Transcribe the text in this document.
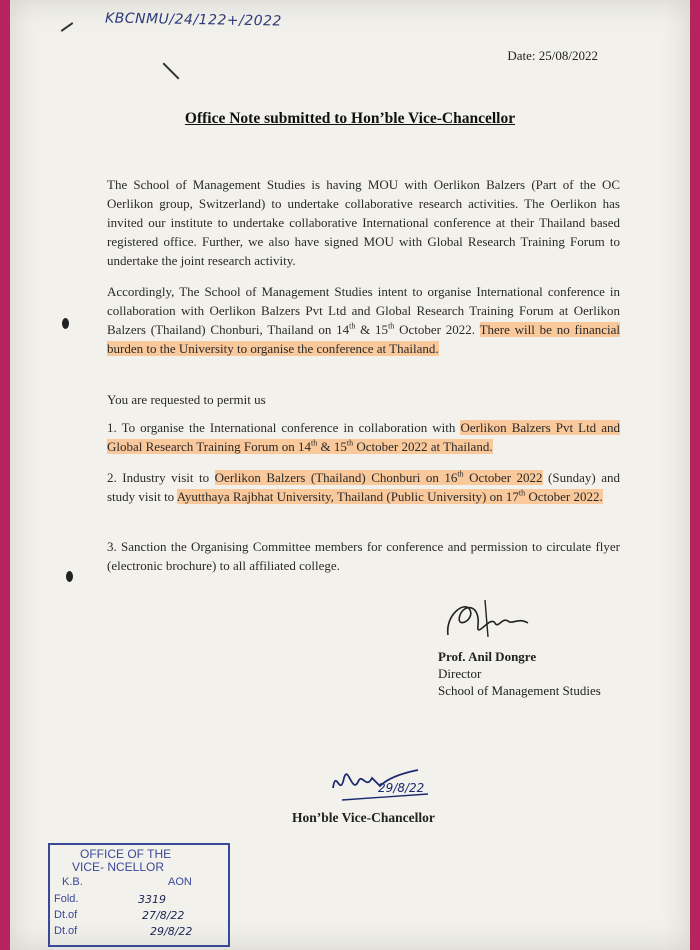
KBCNMU/24/122+/2022
Date: 25/08/2022
Office Note submitted to Hon’ble Vice-Chancellor

The School of Management Studies is having MOU with Oerlikon Balzers (Part of the OC Oerlikon group, Switzerland) to undertake collaborative research activities. The Oerlikon has invited our institute to undertake collaborative International conference at their Thailand based registered office. Further, we also have signed MOU with Global Research Training Forum to undertake the joint research activity.

Accordingly, The School of Management Studies intent to organise International conference in collaboration with Oerlikon Balzers Pvt Ltd and Global Research Training Forum at Oerlikon Balzers (Thailand) Chonburi, Thailand on 14th & 15th October 2022. There will be no financial burden to the University to organise the conference at Thailand.

You are requested to permit us

1. To organise the International conference in collaboration with Oerlikon Balzers Pvt Ltd and Global Research Training Forum on 14th & 15th October 2022 at Thailand.

2. Industry visit to Oerlikon Balzers (Thailand) Chonburi on 16th October 2022 (Sunday) and study visit to Ayutthaya Rajbhat University, Thailand (Public University) on 17th October 2022.

3. Sanction the Organising Committee members for conference and permission to circulate flyer (electronic brochure) to all affiliated college.

Prof. Anil Dongre
Director
School of Management Studies
29/8/22
Hon’ble Vice-Chancellor
OFFICE OF THE
VICE- NCELLOR
K.B.	AON
Fold.	3319
Dt.of	27/8/22
Dt.of	29/8/22
